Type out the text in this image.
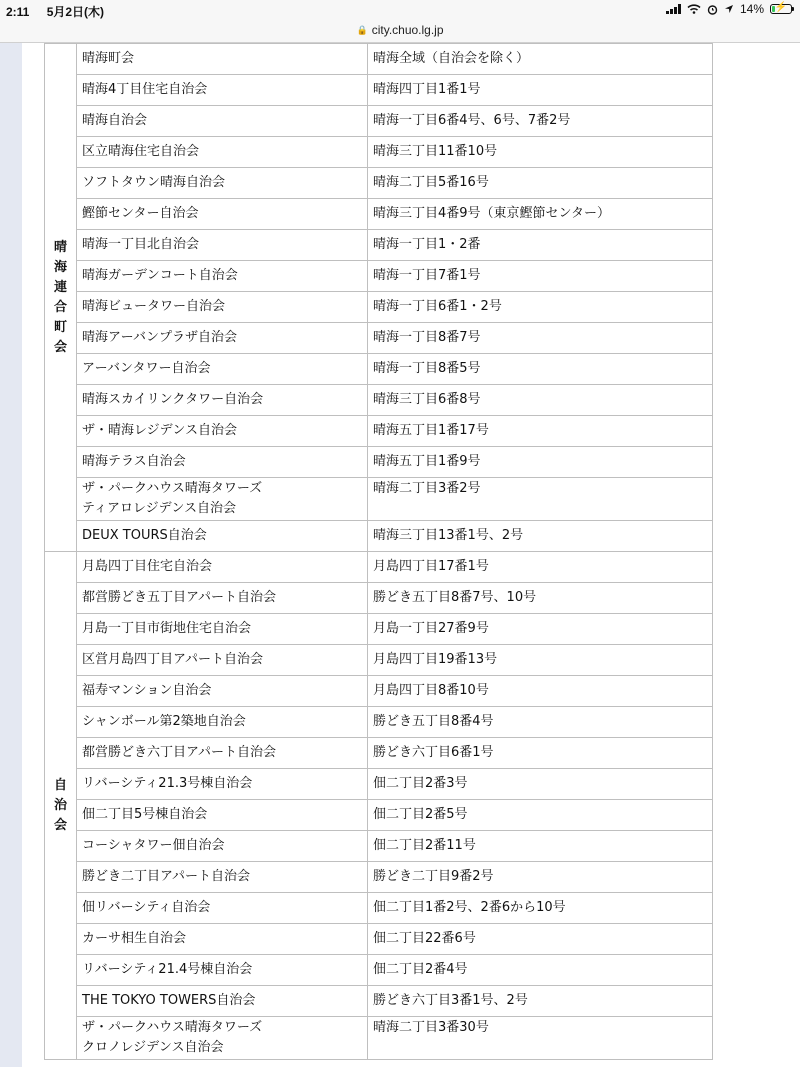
2:11 5月2日(木)	14%	⚡
🔒 city.chuo.lg.jp
晴海
連合
町会	晴海町会	晴海全域（自治会を除く）

	晴海4丁目住宅自治会	晴海四丁目1番1号

	晴海自治会	晴海一丁目6番4号、6号、7番2号

	区立晴海住宅自治会	晴海三丁目11番10号

	ソフトタウン晴海自治会	晴海二丁目5番16号

	鰹節センター自治会	晴海三丁目4番9号（東京鰹節センター）

	晴海一丁目北自治会	晴海一丁目1・2番

	晴海ガーデンコート自治会	晴海一丁目7番1号

	晴海ビュータワー自治会	晴海一丁目6番1・2号

	晴海アーバンプラザ自治会	晴海一丁目8番7号

	アーバンタワー自治会	晴海一丁目8番5号

	晴海スカイリンクタワー自治会	晴海三丁目6番8号

	ザ・晴海レジデンス自治会	晴海五丁目1番17号

	晴海テラス自治会	晴海五丁目1番9号

	ザ・パークハウス晴海タワーズ
ティアロレジデンス自治会	晴海二丁目3番2号

	DEUX TOURS自治会	晴海三丁目13番1号、2号

自
治
会	月島四丁目住宅自治会	月島四丁目17番1号

	都営勝どき五丁目アパート自治会	勝どき五丁目8番7号、10号

	月島一丁目市街地住宅自治会	月島一丁目27番9号

	区営月島四丁目アパート自治会	月島四丁目19番13号

	福寿マンション自治会	月島四丁目8番10号

	シャンボール第2築地自治会	勝どき五丁目8番4号

	都営勝どき六丁目アパート自治会	勝どき六丁目6番1号

	リバーシティ21.3号棟自治会	佃二丁目2番3号

	佃二丁目5号棟自治会	佃二丁目2番5号

	コーシャタワー佃自治会	佃二丁目2番11号

	勝どき二丁目アパート自治会	勝どき二丁目9番2号

	佃リバーシティ自治会	佃二丁目1番2号、2番6から10号

	カーサ相生自治会	佃二丁目22番6号

	リバーシティ21.4号棟自治会	佃二丁目2番4号

	THE TOKYO TOWERS自治会	勝どき六丁目3番1号、2号

	ザ・パークハウス晴海タワーズ
クロノレジデンス自治会	晴海二丁目3番30号
